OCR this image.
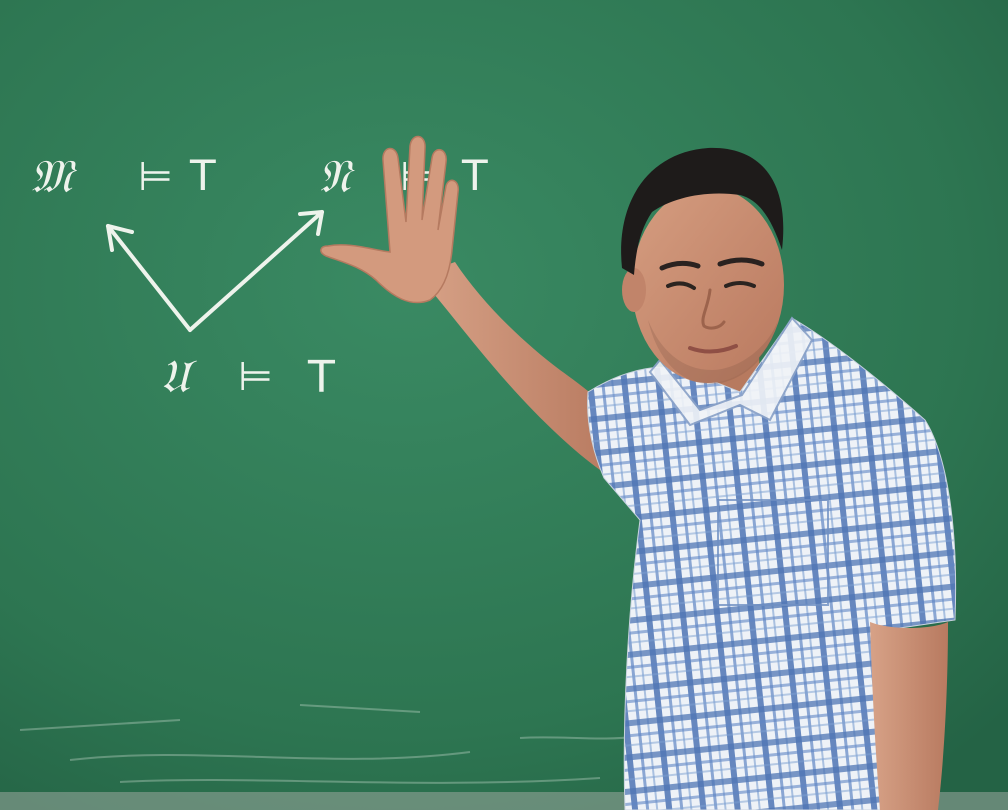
𝔐 ⊨ T 𝔑	T
𝔘 ⊨ T
